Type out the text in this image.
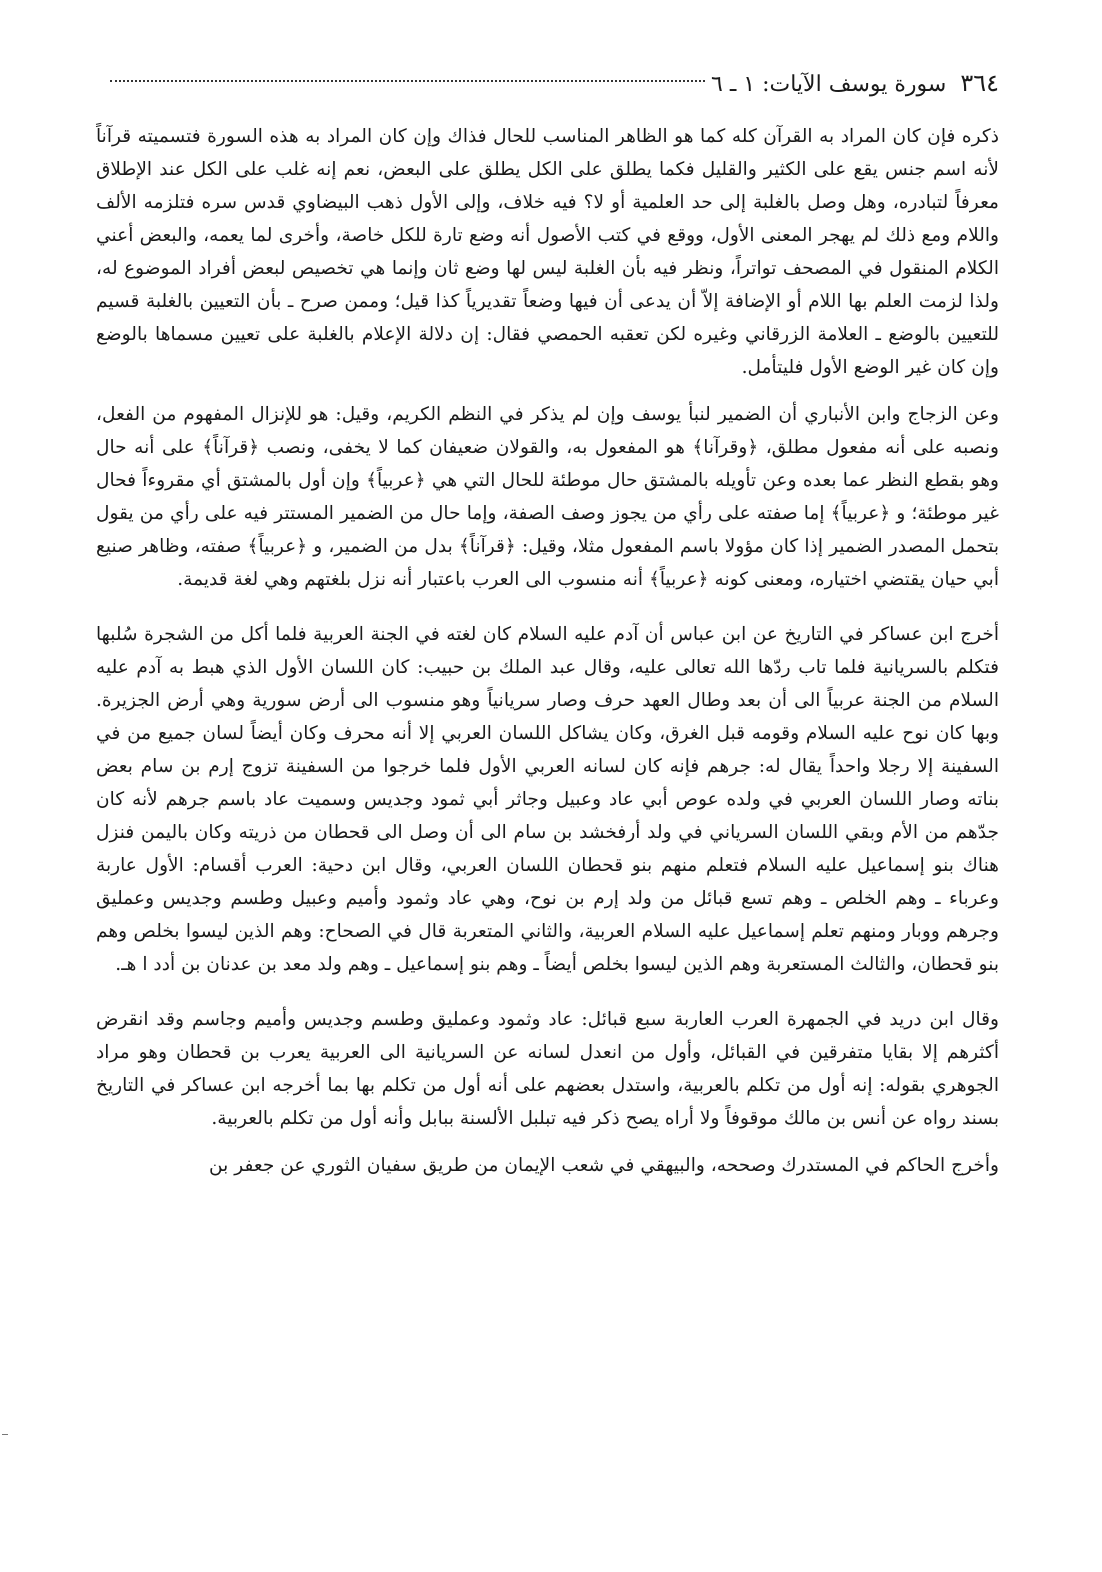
٣٦٤
سورة يوسف الآيات: ١ ـ ٦

ذكره فإن كان المراد به القرآن كله كما هو الظاهر المناسب للحال فذاك وإن كان المراد به هذه السورة فتسميته قرآناً لأنه اسم جنس يقع على الكثير والقليل فكما يطلق على الكل يطلق على البعض، نعم إنه غلب على الكل عند الإطلاق معرفاً لتبادره، وهل وصل بالغلبة إلى حد العلمية أو لا؟ فيه خلاف، وإلى الأول ذهب البيضاوي قدس سره فتلزمه الألف واللام ومع ذلك لم يهجر المعنى الأول، ووقع في كتب الأصول أنه وضع تارة للكل خاصة، وأخرى لما يعمه، والبعض أعني الكلام المنقول في المصحف تواتراً، ونظر فيه بأن الغلبة ليس لها وضع ثان وإنما هي تخصيص لبعض أفراد الموضوع له، ولذا لزمت العلم بها اللام أو الإضافة إلاّ أن يدعى أن فيها وضعاً تقديرياً كذا قيل؛ وممن صرح ـ بأن التعيين بالغلبة قسيم للتعيين بالوضع ـ العلامة الزرقاني وغيره لكن تعقبه الحمصي فقال: إن دلالة الإعلام بالغلبة على تعيين مسماها بالوضع وإن كان غير الوضع الأول فليتأمل.

وعن الزجاج وابن الأنباري أن الضمير لنبأ يوسف وإن لم يذكر في النظم الكريم، وقيل: هو للإنزال المفهوم من الفعل، ونصبه على أنه مفعول مطلق، ﴿وقرآنا﴾ هو المفعول به، والقولان ضعيفان كما لا يخفى، ونصب ﴿قرآناً﴾ على أنه حال وهو بقطع النظر عما بعده وعن تأويله بالمشتق حال موطئة للحال التي هي ﴿عربياً﴾ وإن أول بالمشتق أي مقروءاً فحال غير موطئة؛ و ﴿عربياً﴾ إما صفته على رأي من يجوز وصف الصفة، وإما حال من الضمير المستتر فيه على رأي من يقول بتحمل المصدر الضمير إذا كان مؤولا باسم المفعول مثلا، وقيل: ﴿قرآناً﴾ بدل من الضمير، و ﴿عربياً﴾ صفته، وظاهر صنيع أبي حيان يقتضي اختياره، ومعنى كونه ﴿عربياً﴾ أنه منسوب الى العرب باعتبار أنه نزل بلغتهم وهي لغة قديمة.

أخرج ابن عساكر في التاريخ عن ابن عباس أن آدم عليه السلام كان لغته في الجنة العربية فلما أكل من الشجرة سُلبها فتكلم بالسريانية فلما تاب ردّها الله تعالى عليه، وقال عبد الملك بن حبيب: كان اللسان الأول الذي هبط به آدم عليه السلام من الجنة عربياً الى أن بعد وطال العهد حرف وصار سريانياً وهو منسوب الى أرض سورية وهي أرض الجزيرة. وبها كان نوح عليه السلام وقومه قبل الغرق، وكان يشاكل اللسان العربي إلا أنه محرف وكان أيضاً لسان جميع من في السفينة إلا رجلا واحداً يقال له: جرهم فإنه كان لسانه العربي الأول فلما خرجوا من السفينة تزوج إرم بن سام بعض بناته وصار اللسان العربي في ولده عوص أبي عاد وعبيل وجاثر أبي ثمود وجديس وسميت عاد باسم جرهم لأنه كان جدّهم من الأم وبقي اللسان السرياني في ولد أرفخشد بن سام الى أن وصل الى قحطان من ذريته وكان باليمن فنزل هناك بنو إسماعيل عليه السلام فتعلم منهم بنو قحطان اللسان العربي، وقال ابن دحية: العرب أقسام: الأول عاربة وعرباء ـ وهم الخلص ـ وهم تسع قبائل من ولد إرم بن نوح، وهي عاد وثمود وأميم وعبيل وطسم وجديس وعمليق وجرهم ووبار ومنهم تعلم إسماعيل عليه السلام العربية، والثاني المتعربة قال في الصحاح: وهم الذين ليسوا بخلص وهم بنو قحطان، والثالث المستعربة وهم الذين ليسوا بخلص أيضاً ـ وهم بنو إسماعيل ـ وهم ولد معد بن عدنان بن أدد ا هـ.

وقال ابن دريد في الجمهرة العرب العاربة سبع قبائل: عاد وثمود وعمليق وطسم وجديس وأميم وجاسم وقد انقرض أكثرهم إلا بقايا متفرقين في القبائل، وأول من انعدل لسانه عن السريانية الى العربية يعرب بن قحطان وهو مراد الجوهري بقوله: إنه أول من تكلم بالعربية، واستدل بعضهم على أنه أول من تكلم بها بما أخرجه ابن عساكر في التاريخ بسند رواه عن أنس بن مالك موقوفاً ولا أراه يصح ذكر فيه تبلبل الألسنة ببابل وأنه أول من تكلم بالعربية.

وأخرج الحاكم في المستدرك وصححه، والبيهقي في شعب الإيمان من طريق سفيان الثوري عن جعفر بن
